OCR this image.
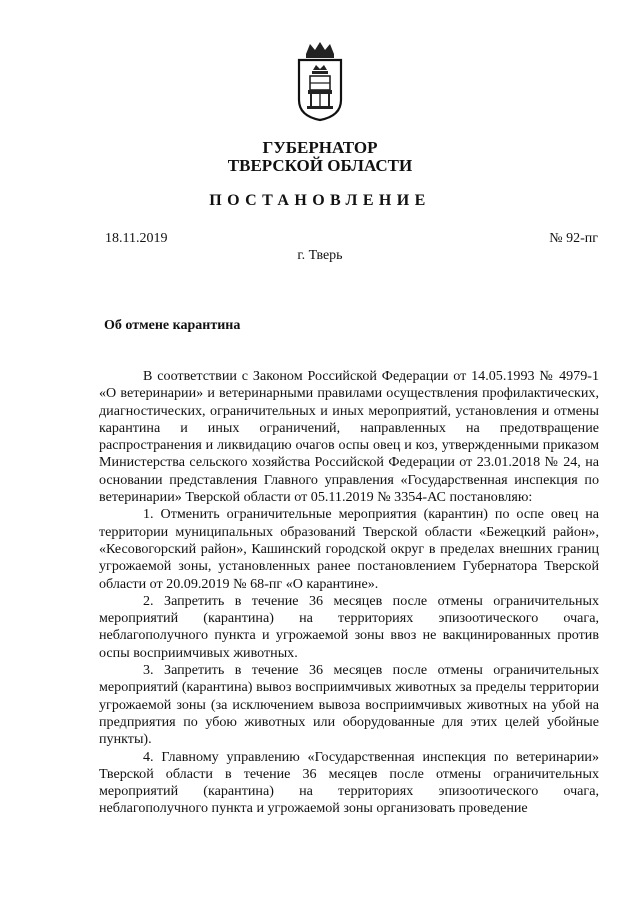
ГУБЕРНАТОР
ТВЕРСКОЙ ОБЛАСТИ
ПОСТАНОВЛЕНИЕ
18.11.2019	№ 92-пг
г. Тверь
Об отмене карантина

В соответствии с Законом Российской Федерации от 14.05.1993 № 4979-1 «О ветеринарии» и ветеринарными правилами осуществления профилактических, диагностических, ограничительных и иных мероприятий, установления и отмены карантина и иных ограничений, направленных на предотвращение распространения и ликвидацию очагов оспы овец и коз, утвержденными приказом Министерства сельского хозяйства Российской Федерации от 23.01.2018 № 24, на основании представления Главного управления «Государственная инспекция по ветеринарии» Тверской области от 05.11.2019 № 3354-АС постановляю:

1. Отменить ограничительные мероприятия (карантин) по оспе овец на территории муниципальных образований Тверской области «Бежецкий район», «Кесовогорский район», Кашинский городской округ в пределах внешних границ угрожаемой зоны, установленных ранее постановлением Губернатора Тверской области от 20.09.2019 № 68-пг «О карантине».

2. Запретить в течение 36 месяцев после отмены ограничительных мероприятий (карантина) на территориях эпизоотического очага, неблагополучного пункта и угрожаемой зоны ввоз не вакцинированных против оспы восприимчивых животных.

3. Запретить в течение 36 месяцев после отмены ограничительных мероприятий (карантина) вывоз восприимчивых животных за пределы территории угрожаемой зоны (за исключением вывоза восприимчивых животных на убой на предприятия по убою животных или оборудованные для этих целей убойные пункты).

4. Главному управлению «Государственная инспекция по ветеринарии» Тверской области в течение 36 месяцев после отмены ограничительных мероприятий (карантина) на территориях эпизоотического очага, неблагополучного пункта и угрожаемой зоны организовать проведение
